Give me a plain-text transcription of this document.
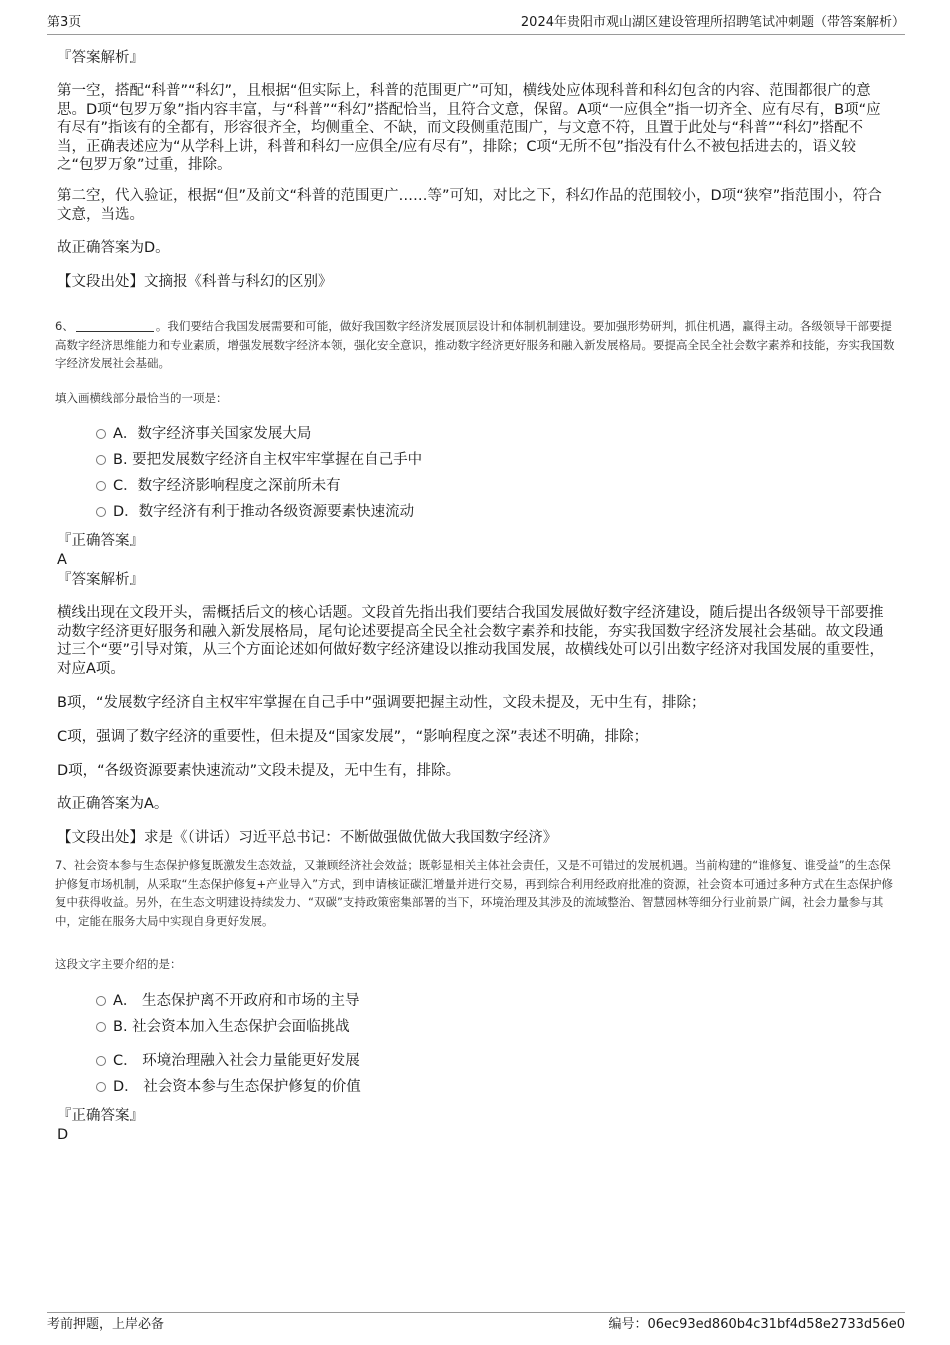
第3页	2024年贵阳市观山湖区建设管理所招聘笔试冲刺题（带答案解析）
『答案解析』

第一空，搭配“科普”“科幻”，且根据“但实际上，科普的范围更广”可知，横线处应体现科普和科幻包含的内容、范围都很广的意思。D项“包罗万象”指内容丰富，与“科普”“科幻”搭配恰当，且符合文意，保留。A项“一应俱全”指一切齐全、应有尽有，B项“应有尽有”指该有的全都有，形容很齐全，均侧重全、不缺，而文段侧重范围广，与文意不符，且置于此处与“科普”“科幻”搭配不当，正确表述应为“从学科上讲，科普和科幻一应俱全/应有尽有”，排除；C项“无所不包”指没有什么不被包括进去的，语义较之“包罗万象”过重，排除。

第二空，代入验证，根据“但”及前文“科普的范围更广……等”可知，对比之下，科幻作品的范围较小，D项“狭窄”指范围小，符合文意，当选。

故正确答案为D。

【文段出处】文摘报《科普与科幻的区别》

6、	。我们要结合我国发展需要和可能，做好我国数字经济发展顶层设计和体制机制建设。要加强形势研判，抓住机遇，赢得主动。各级领导干部要提高数字经济思维能力和专业素质，增强发展数字经济本领，强化安全意识，推动数字经济更好服务和融入新发展格局。要提高全民全社会数字素养和技能，夯实我国数字经济发展社会基础。

填入画横线部分最恰当的一项是：

A．数字经济事关国家发展大局
B. 要把发展数字经济自主权牢牢掌握在自己手中
C．数字经济影响程度之深前所未有
D．数字经济有利于推动各级资源要素快速流动
『正确答案』
A
『答案解析』

横线出现在文段开头，需概括后文的核心话题。文段首先指出我们要结合我国发展做好数字经济建设，随后提出各级领导干部要推动数字经济更好服务和融入新发展格局，尾句论述要提高全民全社会数字素养和技能，夯实我国数字经济发展社会基础。故文段通过三个“要”引导对策，从三个方面论述如何做好数字经济建设以推动我国发展，故横线处可以引出数字经济对我国发展的重要性，对应A项。

B项，“发展数字经济自主权牢牢掌握在自己手中”强调要把握主动性，文段未提及，无中生有，排除；

C项，强调了数字经济的重要性，但未提及“国家发展”，“影响程度之深”表述不明确，排除；

D项，“各级资源要素快速流动”文段未提及，无中生有，排除。

故正确答案为A。

【文段出处】求是《（讲话）习近平总书记：不断做强做优做大我国数字经济》

7、社会资本参与生态保护修复既激发生态效益，又兼顾经济社会效益；既彰显相关主体社会责任，又是不可错过的发展机遇。当前构建的“谁修复、谁受益”的生态保护修复市场机制，从采取“生态保护修复+产业导入”方式，到申请核证碳汇增量并进行交易，再到综合利用经政府批准的资源，社会资本可通过多种方式在生态保护修复中获得收益。另外，在生态文明建设持续发力、“双碳”支持政策密集部署的当下，环境治理及其涉及的流域整治、智慧园林等细分行业前景广阔，社会力量参与其中，定能在服务大局中实现自身更好发展。

这段文字主要介绍的是：

A． 生态保护离不开政府和市场的主导
B. 社会资本加入生态保护会面临挑战
C． 环境治理融入社会力量能更好发展
D． 社会资本参与生态保护修复的价值
『正确答案』
D
考前押题，上岸必备	编号：06ec93ed860b4c31bf4d58e2733d56e0
